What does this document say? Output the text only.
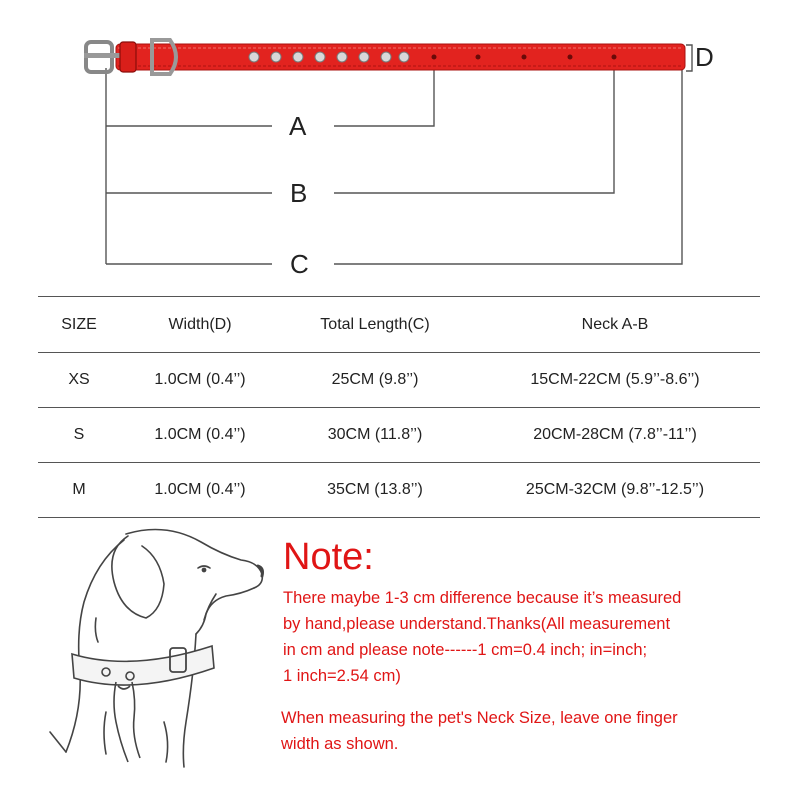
A
B
C
D
SIZE	Width(D)	Total Length(C)	Neck A-B
XS	1.0CM (0.4’’)	25CM (9.8’’)	15CM-22CM (5.9’’-8.6’’)
S	1.0CM (0.4’’)	30CM (11.8’’)	20CM-28CM (7.8’’-11’’)
M	1.0CM (0.4’’)	35CM (13.8’’)	25CM-32CM (9.8’’-12.5’’)
Note:
There maybe 1-3 cm difference because it’s measured
by hand,please understand.Thanks(All measurement
in cm and please note------1 cm=0.4 inch; in=inch;
1 inch=2.54 cm)
When measuring the pet's Neck Size, leave one finger
width as shown.
